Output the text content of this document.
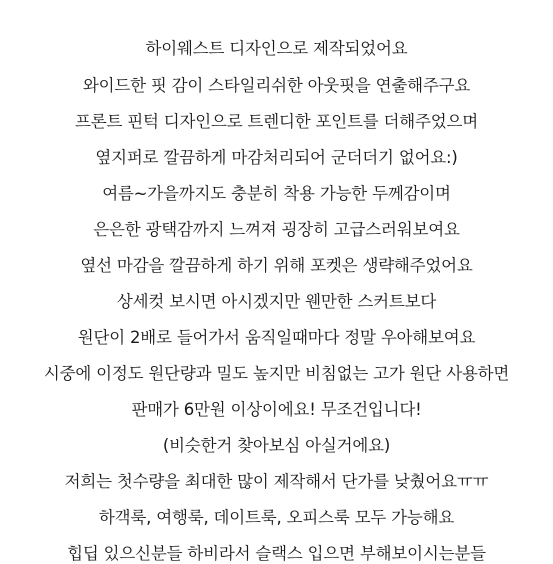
하이웨스트 디자인으로 제작되었어요
와이드한 핏 감이 스타일리쉬한 아웃핏을 연출해주구요
프론트 핀턱 디자인으로 트렌디한 포인트를 더해주었으며
옆지퍼로 깔끔하게 마감처리되어 군더더기 없어요:)
여름~가을까지도 충분히 착용 가능한 두께감이며
은은한 광택감까지 느껴져 굉장히 고급스러워보여요
옆선 마감을 깔끔하게 하기 위해 포켓은 생략해주었어요
상세컷 보시면 아시겠지만 웬만한 스커트보다
원단이 2배로 들어가서 움직일때마다 정말 우아해보여요
시중에 이정도 원단량과 밀도 높지만 비침없는 고가 원단 사용하면
판매가 6만원 이상이에요! 무조건입니다!
(비슷한거 찾아보심 아실거에요)
저희는 첫수량을 최대한 많이 제작해서 단가를 낮췄어요ㅠㅠ
하객룩, 여행룩, 데이트룩, 오피스룩 모두 가능해요
힙딥 있으신분들 하비라서 슬랙스 입으면 부해보이시는분들
